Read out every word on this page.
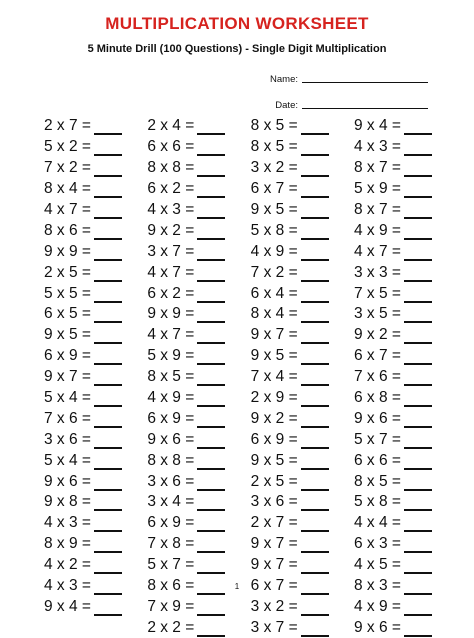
MULTIPLICATION WORKSHEET
5 Minute Drill (100 Questions) - Single Digit Multiplication
Name:
Date:
2 x 7 =
5 x 2 =
7 x 2 =
8 x 4 =
4 x 7 =
8 x 6 =
9 x 9 =
2 x 5 =
5 x 5 =
6 x 5 =
9 x 5 =
6 x 9 =
9 x 7 =
5 x 4 =
7 x 6 =
3 x 6 =
5 x 4 =
9 x 6 =
9 x 8 =
4 x 3 =
8 x 9 =
4 x 2 =
4 x 3 =
9 x 4 =
2 x 4 =
6 x 6 =
8 x 8 =
6 x 2 =
4 x 3 =
9 x 2 =
3 x 7 =
4 x 7 =
6 x 2 =
9 x 9 =
4 x 7 =
5 x 9 =
8 x 5 =
4 x 9 =
6 x 9 =
9 x 6 =
8 x 8 =
3 x 6 =
3 x 4 =
6 x 9 =
7 x 8 =
5 x 7 =
8 x 6 =
7 x 9 =
2 x 2 =
8 x 5 =
8 x 5 =
3 x 2 =
6 x 7 =
9 x 5 =
5 x 8 =
4 x 9 =
7 x 2 =
6 x 4 =
8 x 4 =
9 x 7 =
9 x 5 =
7 x 4 =
2 x 9 =
9 x 2 =
6 x 9 =
9 x 5 =
2 x 5 =
3 x 6 =
2 x 7 =
9 x 7 =
9 x 7 =
6 x 7 =
3 x 2 =
3 x 7 =
9 x 4 =
4 x 3 =
8 x 7 =
5 x 9 =
8 x 7 =
4 x 9 =
4 x 7 =
3 x 3 =
7 x 5 =
3 x 5 =
9 x 2 =
6 x 7 =
7 x 6 =
6 x 8 =
9 x 6 =
5 x 7 =
6 x 6 =
8 x 5 =
5 x 8 =
4 x 4 =
6 x 3 =
4 x 5 =
8 x 3 =
4 x 9 =
9 x 6 =
1
